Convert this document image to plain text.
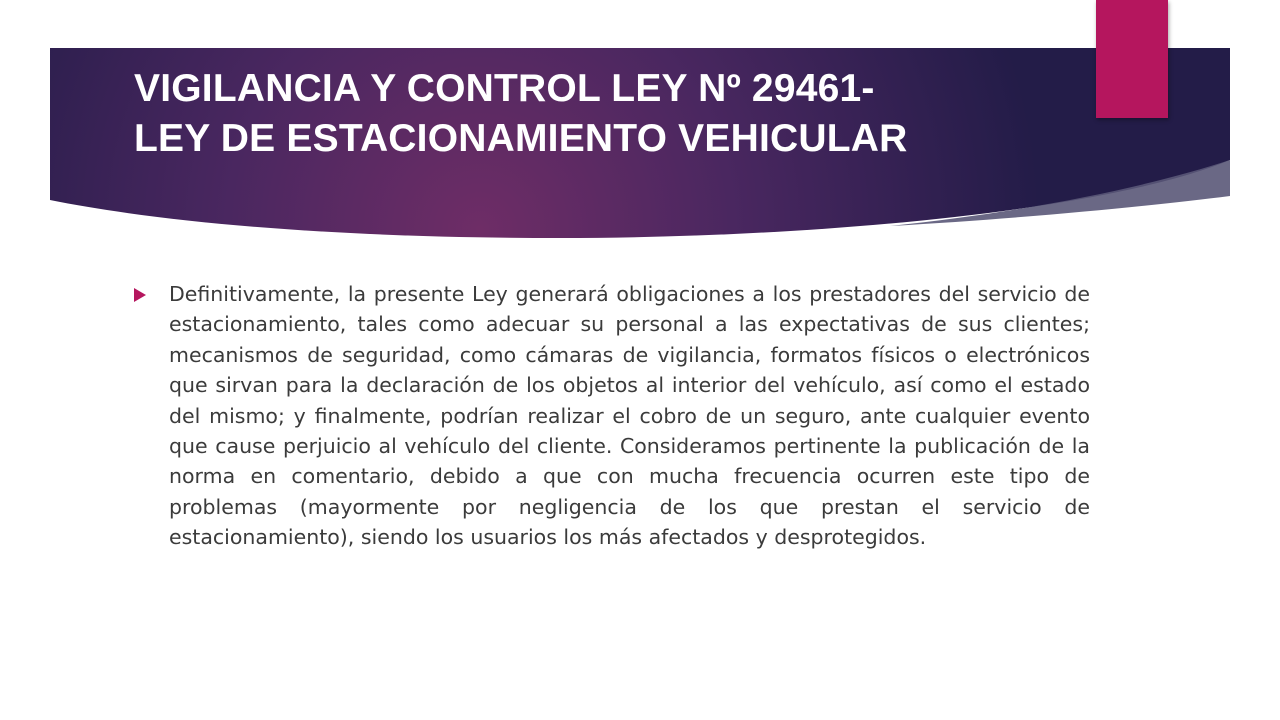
VIGILANCIA Y CONTROL LEY Nº 29461-
LEY DE ESTACIONAMIENTO VEHICULAR

Definitivamente, la presente Ley generará obligaciones a los prestadores del servicio de estacionamiento, tales como adecuar su personal a las expectativas de sus clientes; mecanismos de seguridad, como cámaras de vigilancia, formatos físicos o electrónicos que sirvan para la declaración de los objetos al interior del vehículo, así como el estado del mismo; y finalmente, podrían realizar el cobro de un seguro, ante cualquier evento que cause perjuicio al vehículo del cliente. Consideramos pertinente la publicación de la norma en comentario, debido a que con mucha frecuencia ocurren este tipo de problemas (mayormente por negligencia de los que prestan el servicio de estacionamiento), siendo los usuarios los más afectados y desprotegidos.
